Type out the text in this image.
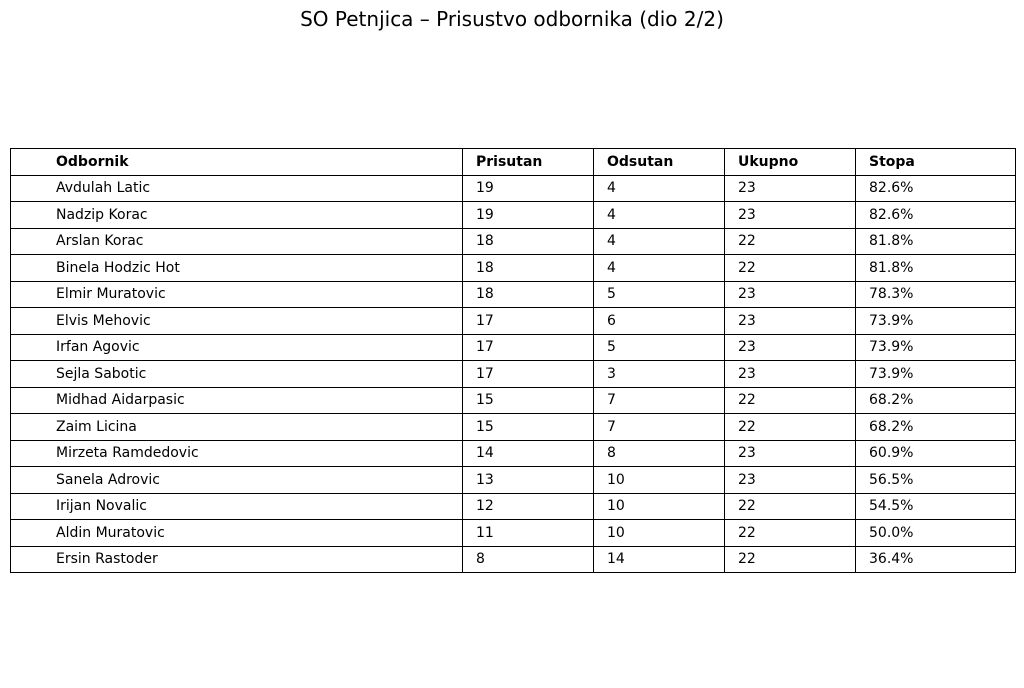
SO Petnjica – Prisustvo odbornika (dio 2/2)
Odbornik	Prisutan	Odsutan	Ukupno	Stopa
Avdulah Latic	19	4	23	82.6%
Nadzip Korac	19	4	23	82.6%
Arslan Korac	18	4	22	81.8%
Binela Hodzic Hot	18	4	22	81.8%
Elmir Muratovic	18	5	23	78.3%
Elvis Mehovic	17	6	23	73.9%
Irfan Agovic	17	5	23	73.9%
Sejla Sabotic	17	3	23	73.9%
Midhad Aidarpasic	15	7	22	68.2%
Zaim Licina	15	7	22	68.2%
Mirzeta Ramdedovic	14	8	23	60.9%
Sanela Adrovic	13	10	23	56.5%
Irijan Novalic	12	10	22	54.5%
Aldin Muratovic	11	10	22	50.0%
Ersin Rastoder	8	14	22	36.4%
